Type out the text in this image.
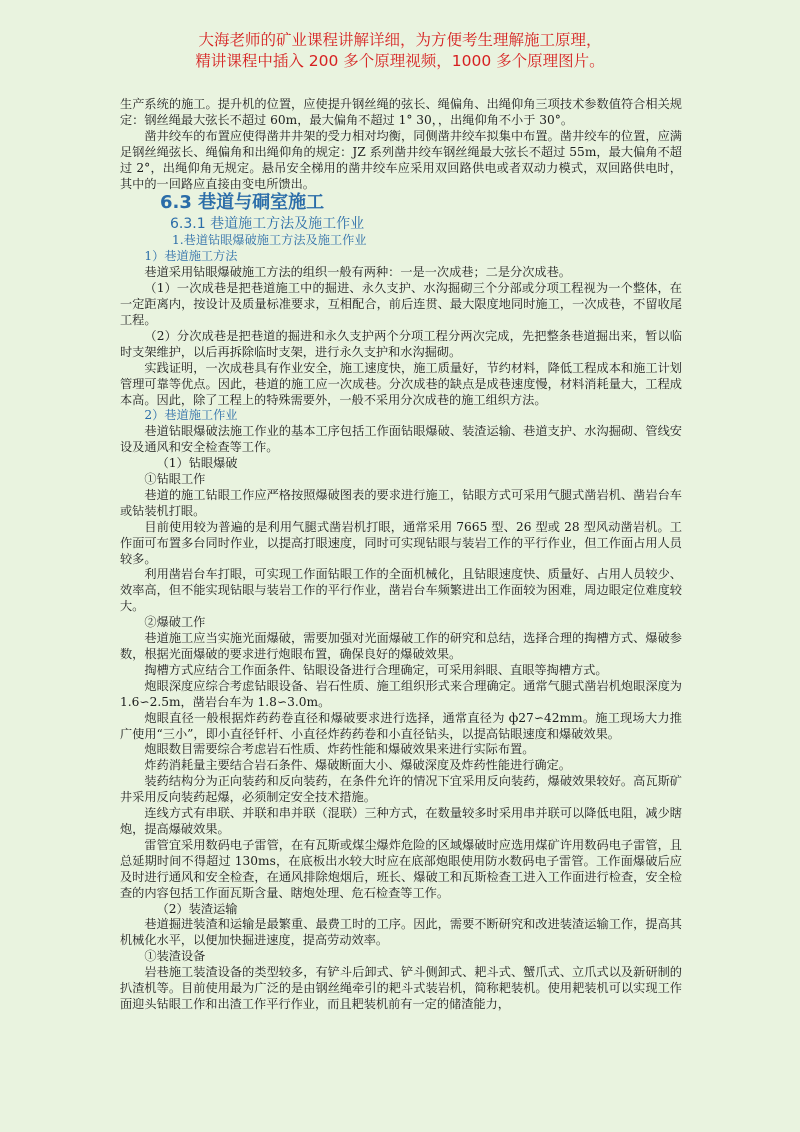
大海老师的矿业课程讲解详细，为方便考生理解施工原理，
精讲课程中插入 200 多个原理视频，1000 多个原理图片。

生产系统的施工。提升机的位置，应使提升钢丝绳的弦长、绳偏角、出绳仰角三项技术参数值符合相关规定：钢丝绳最大弦长不超过 60m，最大偏角不超过 1° 30，，出绳仰角不小于 30°。

凿井绞车的布置应使得凿井井架的受力相对均衡，同侧凿井绞车拟集中布置。凿井绞车的位置，应满足钢丝绳弦长、绳偏角和出绳仰角的规定：JZ 系列凿井绞车钢丝绳最大弦长不超过 55m，最大偏角不超过 2°，出绳仰角无规定。悬吊安全梯用的凿井绞车应采用双回路供电或者双动力模式，双回路供电时，其中的一回路应直接由变电所馈出。

6.3 巷道与硐室施工
6.3.1 巷道施工方法及施工作业

1.巷道钻眼爆破施工方法及施工作业

1）巷道施工方法

巷道采用钻眼爆破施工方法的组织一般有两种：一是一次成巷；二是分次成巷。

（1）一次成巷是把巷道施工中的掘进、永久支护、水沟掘砌三个分部或分项工程视为一个整体，在一定距离内，按设计及质量标准要求，互相配合，前后连贯、最大限度地同时施工，一次成巷，不留收尾工程。

（2）分次成巷是把巷道的掘进和永久支护两个分项工程分两次完成，先把整条巷道掘出来，暂以临时支架维护，以后再拆除临时支架，进行永久支护和水沟掘砌。

实践证明，一次成巷具有作业安全，施工速度快，施工质量好，节约材料，降低工程成本和施工计划管理可靠等优点。因此，巷道的施工应一次成巷。分次成巷的缺点是成巷速度慢，材料消耗量大，工程成本高。因此，除了工程上的特殊需要外，一般不采用分次成巷的施工组织方法。

2）巷道施工作业

巷道钻眼爆破法施工作业的基本工序包括工作面钻眼爆破、装渣运输、巷道支护、水沟掘砌、管线安设及通风和安全检查等工作。

（1）钻眼爆破

①钻眼工作

巷道的施工钻眼工作应严格按照爆破图表的要求进行施工，钻眼方式可采用气腿式凿岩机、凿岩台车或钻装机打眼。

目前使用较为普遍的是利用气腿式凿岩机打眼，通常采用 7665 型、26 型或 28 型风动凿岩机。工作面可布置多台同时作业，以提高打眼速度，同时可实现钻眼与装岩工作的平行作业，但工作面占用人员较多。

利用凿岩台车打眼，可实现工作面钻眼工作的全面机械化，且钻眼速度快、质量好、占用人员较少、效率高，但不能实现钻眼与装岩工作的平行作业，凿岩台车频繁进出工作面较为困难，周边眼定位难度较大。

②爆破工作

巷道施工应当实施光面爆破，需要加强对光面爆破工作的研究和总结，选择合理的掏槽方式、爆破参数，根据光面爆破的要求进行炮眼布置，确保良好的爆破效果。

掏槽方式应结合工作面条件、钻眼设备进行合理确定，可采用斜眼、直眼等掏槽方式。

炮眼深度应综合考虑钻眼设备、岩石性质、施工组织形式来合理确定。通常气腿式凿岩机炮眼深度为 1.6∽2.5m，凿岩台车为 1.8∽3.0m。

炮眼直径一般根据炸药药卷直径和爆破要求进行选择，通常直径为 ф27∽42mm。施工现场大力推广使用“三小”，即小直径钎杆、小直径炸药药卷和小直径钻头，以提高钻眼速度和爆破效果。

炮眼数目需要综合考虑岩石性质、炸药性能和爆破效果来进行实际布置。

炸药消耗量主要结合岩石条件、爆破断面大小、爆破深度及炸药性能进行确定。

装药结构分为正向装药和反向装药，在条件允许的情况下宜采用反向装药，爆破效果较好。高瓦斯矿井采用反向装药起爆，必须制定安全技术措施。

连线方式有串联、并联和串并联（混联）三种方式，在数量较多时采用串并联可以降低电阻，减少瞎炮，提高爆破效果。

雷管宜采用数码电子雷管，在有瓦斯或煤尘爆炸危险的区域爆破时应选用煤矿许用数码电子雷管，且总延期时间不得超过 130ms，在底板出水较大时应在底部炮眼使用防水数码电子雷管。工作面爆破后应及时进行通风和安全检查，在通风排除炮烟后，班长、爆破工和瓦斯检查工进入工作面进行检查，安全检查的内容包括工作面瓦斯含量、瞎炮处理、危石检查等工作。

（2）装渣运输

巷道掘进装渣和运输是最繁重、最费工时的工序。因此，需要不断研究和改进装渣运输工作，提高其机械化水平，以便加快掘进速度，提高劳动效率。

①装渣设备

岩巷施工装渣设备的类型较多，有铲斗后卸式、铲斗侧卸式、耙斗式、蟹爪式、立爪式以及新研制的扒渣机等。目前使用最为广泛的是由钢丝绳牵引的耙斗式装岩机，简称耙装机。使用耙装机可以实现工作面迎头钻眼工作和出渣工作平行作业，而且耙装机前有一定的储渣能力，
